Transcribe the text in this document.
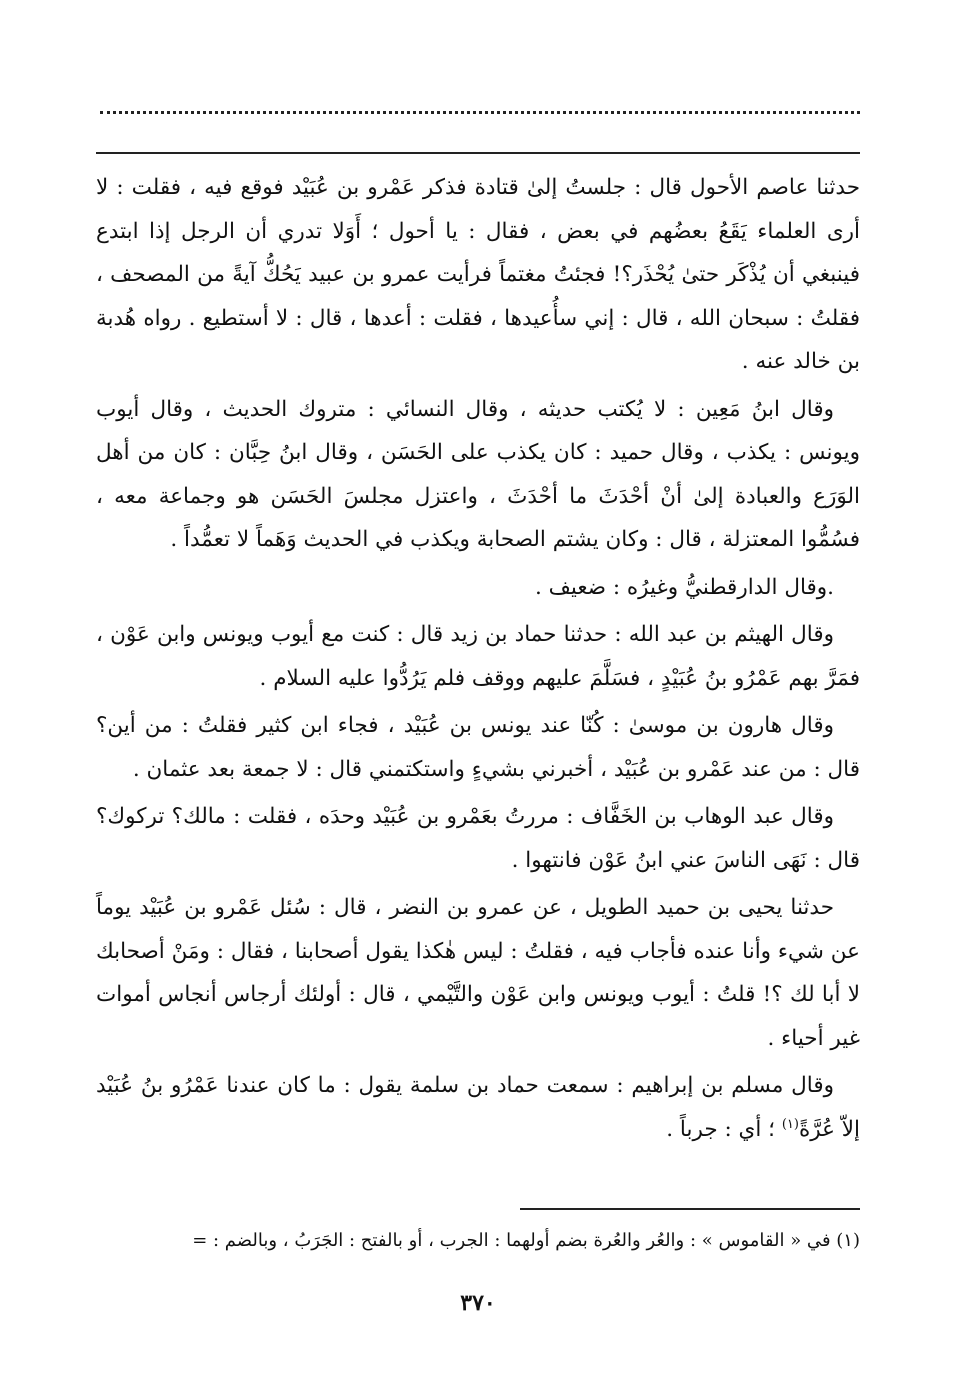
حدثنا عاصم الأحول قال : جلستُ إلىٰ قتادة فذكر عَمْرو بن عُبَيْد فوقع فيه ، فقلت : لا أرى العلماء يَقَعُ بعضُهم في بعض ، فقال : يا أحول ؛ أَوَلا تدري أن الرجل إذا ابتدع فينبغي أن يُذْكَر حتىٰ يُحْذَر؟! فجئتُ مغتماً فرأيت عمرو بن عبيد يَحُكُّ آيةً من المصحف ، فقلتُ : سبحان الله ، قال : إني سأُعيدها ، فقلت : أعدها ، قال : لا أستطيع . رواه هُدبة بن خالد عنه .

وقال ابنُ مَعِين : لا يُكتب حديثه ، وقال النسائي : متروك الحديث ، وقال أيوب ويونس : يكذب ، وقال حميد : كان يكذب على الحَسَن ، وقال ابنُ حِبَّان : كان من أهل الوَرَع والعبادة إلىٰ أنْ أحْدَثَ ما أحْدَثَ ، واعتزل مجلسَ الحَسَن هو وجماعة معه ، فسُمُّوا المعتزلة ، قال : وكان يشتم الصحابة ويكذب في الحديث وَهَماً لا تعمُّداً .

.وقال الدارقطنيُّ وغيرُه : ضعيف .

وقال الهيثم بن عبد الله : حدثنا حماد بن زيد قال : كنت مع أيوب ويونس وابن عَوْن ، فمَرَّ بهم عَمْرُو بنُ عُبَيْدٍ ، فسَلَّمَ عليهم ووقف فلم يَرُدُّوا عليه السلام .

وقال هارون بن موسىٰ : كُنّا عند يونس بن عُبَيْد ، فجاء ابن كثير فقلتُ : من أين؟ قال : من عند عَمْرو بن عُبَيْد ، أخبرني بشيءٍ واستكتمني قال : لا جمعة بعد عثمان .

وقال عبد الوهاب بن الخَفَّاف : مررتُ بعَمْرو بن عُبَيْد وحدَه ، فقلت : مالك؟ تركوك؟ قال : نَهَى الناسَ عني ابنُ عَوْن فانتهوا .

حدثنا يحيى بن حميد الطويل ، عن عمرو بن النضر ، قال : سُئل عَمْرو بن عُبَيْد يوماً عن شيء وأنا عنده فأجاب فيه ، فقلتُ : ليس هٰكذا يقول أصحابنا ، فقال : ومَنْ أصحابك لا أبا لك ؟! قلتُ : أيوب ويونس وابن عَوْن والتَّيْمي ، قال : أولئك أرجاس أنجاس أموات غير أحياء .

وقال مسلم بن إبراهيم : سمعت حماد بن سلمة يقول : ما كان عندنا عَمْرُو بنُ عُبَيْد إلاّ عُرَّةً$^{(١)}$ ؛ أي : جرباً .

(١) في « القاموس » : والعُر والعُرة بضم أولهما : الجرب ، أو بالفتح : الجَرَبُ ، وبالضم : =
٣٧٠
